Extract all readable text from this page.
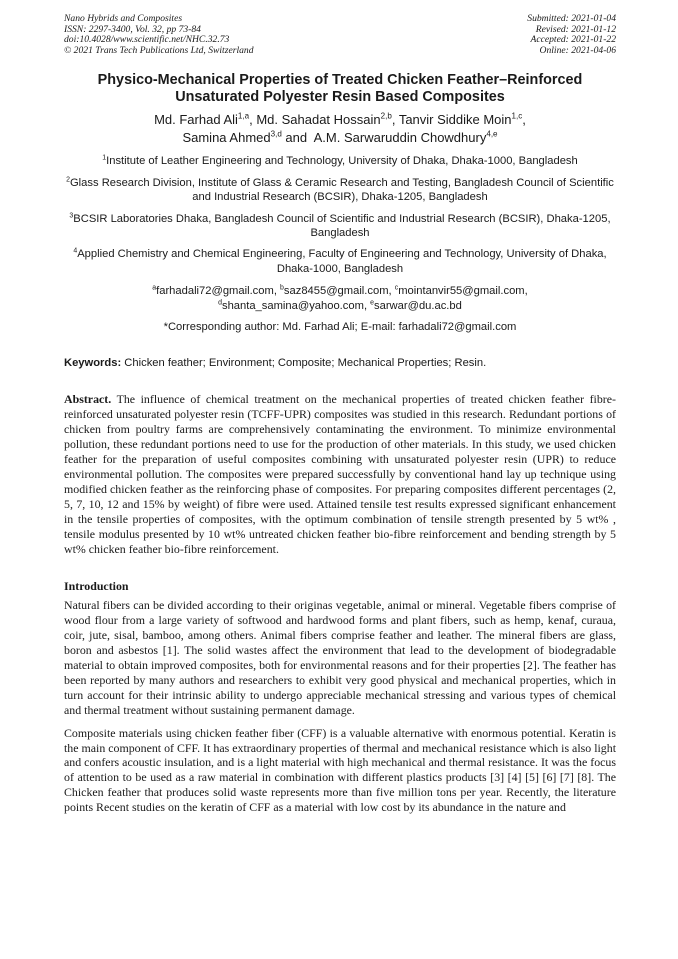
Nano Hybrids and Composites
ISSN: 2297-3400, Vol. 32, pp 73-84
doi:10.4028/www.scientific.net/NHC.32.73
© 2021 Trans Tech Publications Ltd, Switzerland
Submitted: 2021-01-04
Revised: 2021-01-12
Accepted: 2021-01-22
Online: 2021-04-06
Physico-Mechanical Properties of Treated Chicken Feather–Reinforced
Unsaturated Polyester Resin Based Composites
Md. Farhad Ali$^{1,a}$, Md. Sahadat Hossain$^{2,b}$, Tanvir Siddike Moin$^{1,c}$,
Samina Ahmed$^{3,d}$ and  A.M. Sarwaruddin Chowdhury$^{4,e}$
$^1$Institute of Leather Engineering and Technology, University of Dhaka, Dhaka-1000, Bangladesh
$^2$Glass Research Division, Institute of Glass & Ceramic Research and Testing, Bangladesh Council of Scientific and Industrial Research (BCSIR), Dhaka-1205, Bangladesh
$^3$BCSIR Laboratories Dhaka, Bangladesh Council of Scientific and Industrial Research (BCSIR), Dhaka-1205, Bangladesh
$^4$Applied Chemistry and Chemical Engineering, Faculty of Engineering and Technology, University of Dhaka, Dhaka-1000, Bangladesh
$^a$farhadali72@gmail.com, $^b$saz8455@gmail.com, $^c$mointanvir55@gmail.com,
$^d$shanta_samina@yahoo.com, $^e$sarwar@du.ac.bd
*Corresponding author: Md. Farhad Ali; E-mail: farhadali72@gmail.com
Keywords: Chicken feather; Environment; Composite; Mechanical Properties; Resin.
Abstract. The influence of chemical treatment on the mechanical properties of treated chicken feather fibre-reinforced unsaturated polyester resin (TCFF-UPR) composites was studied in this research. Redundant portions of chicken from poultry farms are comprehensively contaminating the environment. To minimize environmental pollution, these redundant portions need to use for the production of other materials. In this study, we used chicken feather for the preparation of useful composites combining with unsaturated polyester resin (UPR) to reduce environmental pollution. The composites were prepared successfully by conventional hand lay up technique using modified chicken feather as the reinforcing phase of composites. For preparing composites different percentages (2, 5, 7, 10, 12 and 15% by weight) of fibre were used. Attained tensile test results expressed significant enhancement in the tensile properties of composites, with the optimum combination of tensile strength presented by 5 wt% , tensile modulus presented by 10 wt% untreated chicken feather bio-fibre reinforcement and bending strength by 5 wt% chicken feather bio-fibre reinforcement.
Introduction
Natural fibers can be divided according to their originas vegetable, animal or mineral. Vegetable fibers comprise of wood flour from a large variety of softwood and hardwood forms and plant fibers, such as hemp, kenaf, curaua, coir, jute, sisal, bamboo, among others. Animal fibers comprise feather and leather. The mineral fibers are glass, boron and asbestos [1]. The solid wastes affect the environment that lead to the development of biodegradable material to obtain improved composites, both for environmental reasons and for their properties [2]. The feather has been reported by many authors and researchers to exhibit very good physical and mechanical properties, which in turn account for their intrinsic ability to undergo appreciable mechanical stressing and various types of chemical and thermal treatment without sustaining permanent damage.
Composite materials using chicken feather fiber (CFF) is a valuable alternative with enormous potential. Keratin is the main component of CFF. It has extraordinary properties of thermal and mechanical resistance which is also light and confers acoustic insulation, and is a light material with high mechanical and thermal resistance. It was the focus of attention to be used as a raw material in combination with different plastics products [3] [4] [5] [6] [7] [8]. The Chicken feather that produces solid waste represents more than five million tons per year. Recently, the literature points Recent studies on the keratin of CFF as a material with low cost by its abundance in the nature and
